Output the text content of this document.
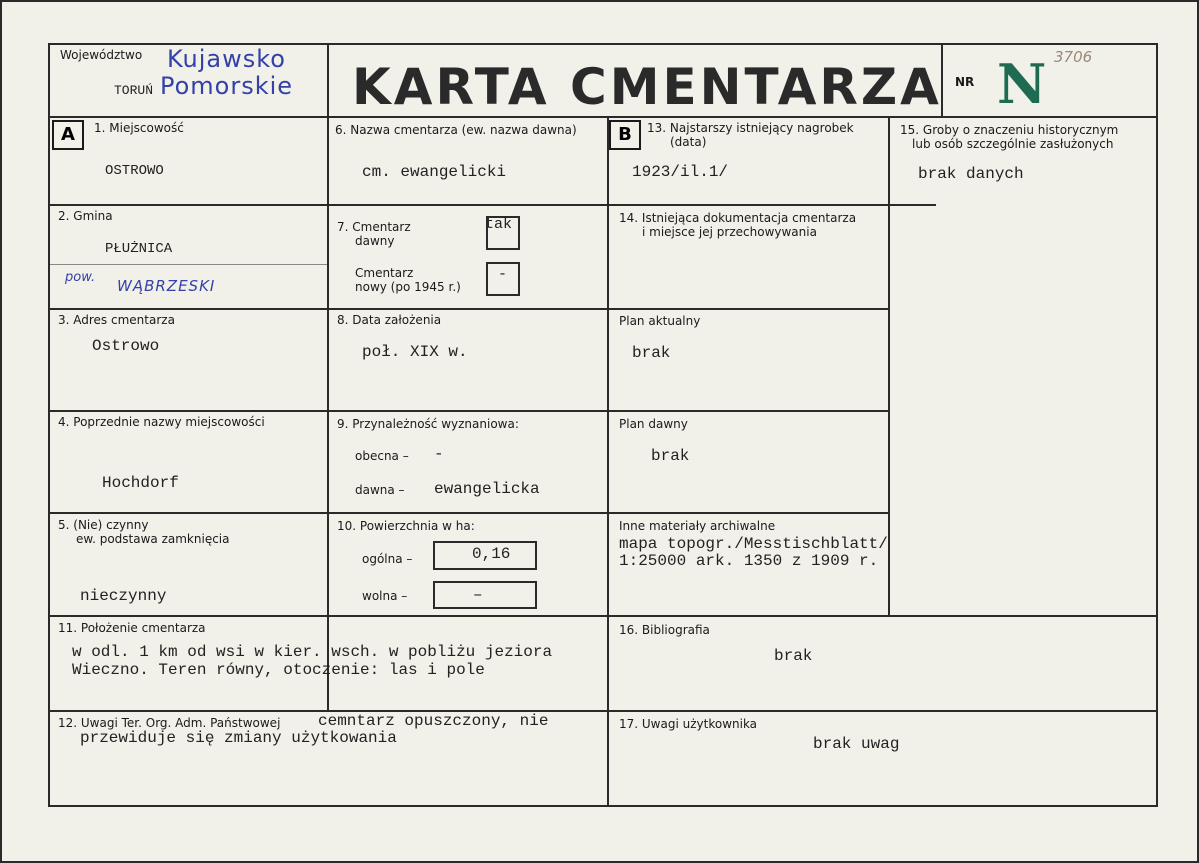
Województwo Kujawsko
Pomorskie
TORUŃ	KARTA CMENTARZA NR N 3706
A	1. Miejscowość
OSTROWO
6. Nazwa cmentarza (ew. nazwa dawna)
cm. ewangelicki
B	13. Najstarszy istniejący nagrobek
(data)
1923/il.1/
15. Groby o znaczeniu historycznym
lub osób szczególnie zasłużonych
brak danych
2. Gmina
PŁUŻNICA
pow. WĄBRZESKI
7. Cmentarz
dawny
tak
Cmentarz
nowy (po 1945 r.)
-
14. Istniejąca dokumentacja cmentarza
i miejsce jej przechowywania
3. Adres cmentarza
Ostrowo
8. Data założenia
poł. XIX w.
Plan aktualny
brak
4. Poprzednie nazwy miejscowości
Hochdorf
9. Przynależność wyznaniowa:
obecna – -
dawna – ewangelicka
Plan dawny
brak
5. (Nie) czynny
ew. podstawa zamknięcia
nieczynny
10. Powierzchnia w ha:
ogólna –	0,16
wolna –	–
Inne materiały archiwalne
mapa topogr./Messtischblatt/
1:25000 ark. 1350 z 1909 r.
11. Położenie cmentarza
w odl. 1 km od wsi w kier. wsch. w pobliżu jeziora
Wieczno. Teren równy, otoczenie: las i pole
16. Bibliografia
brak
12. Uwagi Ter. Org. Adm. Państwowej cemntarz opuszczony, nie
przewiduje się zmiany użytkowania
17. Uwagi użytkownika
brak uwag
